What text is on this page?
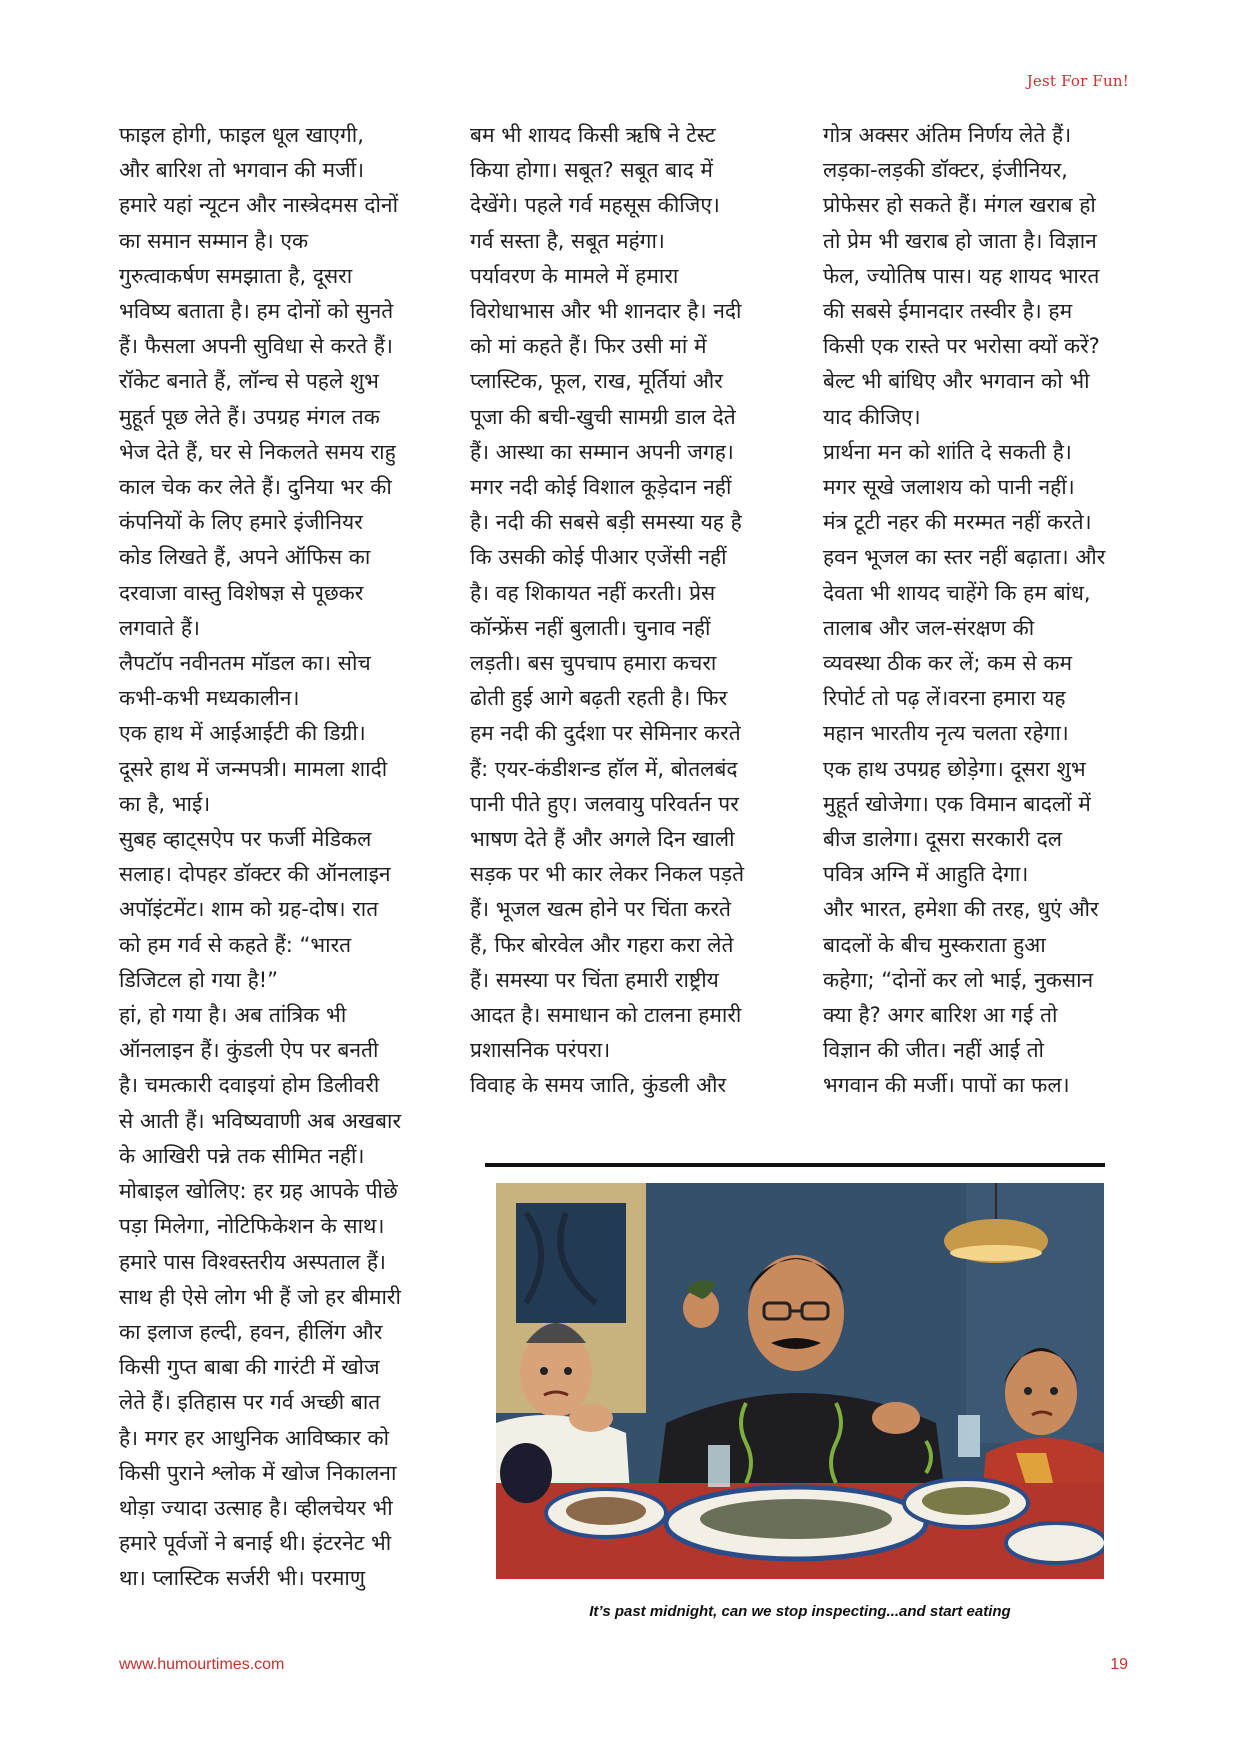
Jest For Fun!

फाइल होगी, फाइल धूल खाएगी,

और बारिश तो भगवान की मर्जी।

हमारे यहां न्यूटन और नास्त्रेदमस दोनों

का समान सम्मान है। एक

गुरुत्वाकर्षण समझाता है, दूसरा

भविष्य बताता है। हम दोनों को सुनते

हैं। फैसला अपनी सुविधा से करते हैं।

रॉकेट बनाते हैं, लॉन्च से पहले शुभ

मुहूर्त पूछ लेते हैं। उपग्रह मंगल तक

भेज देते हैं, घर से निकलते समय राहु

काल चेक कर लेते हैं। दुनिया भर की

कंपनियों के लिए हमारे इंजीनियर

कोड लिखते हैं, अपने ऑफिस का

दरवाजा वास्तु विशेषज्ञ से पूछकर

लगवाते हैं।

लैपटॉप नवीनतम मॉडल का। सोच

कभी-कभी मध्यकालीन।

एक हाथ में आईआईटी की डिग्री।

दूसरे हाथ में जन्मपत्री। मामला शादी

का है, भाई।

सुबह व्हाट्सऐप पर फर्जी मेडिकल

सलाह। दोपहर डॉक्टर की ऑनलाइन

अपॉइंटमेंट। शाम को ग्रह-दोष। रात

को हम गर्व से कहते हैं: “भारत

डिजिटल हो गया है!”

हां, हो गया है। अब तांत्रिक भी

ऑनलाइन हैं। कुंडली ऐप पर बनती

है। चमत्कारी दवाइयां होम डिलीवरी

से आती हैं। भविष्यवाणी अब अखबार

के आखिरी पन्ने तक सीमित नहीं।

मोबाइल खोलिए: हर ग्रह आपके पीछे

पड़ा मिलेगा, नोटिफिकेशन के साथ।

हमारे पास विश्वस्तरीय अस्पताल हैं।

साथ ही ऐसे लोग भी हैं जो हर बीमारी

का इलाज हल्दी, हवन, हीलिंग और

किसी गुप्त बाबा की गारंटी में खोज

लेते हैं। इतिहास पर गर्व अच्छी बात

है। मगर हर आधुनिक आविष्कार को

किसी पुराने श्लोक में खोज निकालना

थोड़ा ज्यादा उत्साह है। व्हीलचेयर भी

हमारे पूर्वजों ने बनाई थी। इंटरनेट भी

था। प्लास्टिक सर्जरी भी। परमाणु

बम भी शायद किसी ऋषि ने टेस्ट

किया होगा। सबूत? सबूत बाद में

देखेंगे। पहले गर्व महसूस कीजिए।

गर्व सस्ता है, सबूत महंगा।

पर्यावरण के मामले में हमारा

विरोधाभास और भी शानदार है। नदी

को मां कहते हैं। फिर उसी मां में

प्लास्टिक, फूल, राख, मूर्तियां और

पूजा की बची-खुची सामग्री डाल देते

हैं। आस्था का सम्मान अपनी जगह।

मगर नदी कोई विशाल कूड़ेदान नहीं

है। नदी की सबसे बड़ी समस्या यह है

कि उसकी कोई पीआर एजेंसी नहीं

है। वह शिकायत नहीं करती। प्रेस

कॉन्फ्रेंस नहीं बुलाती। चुनाव नहीं

लड़ती। बस चुपचाप हमारा कचरा

ढोती हुई आगे बढ़ती रहती है। फिर

हम नदी की दुर्दशा पर सेमिनार करते

हैं: एयर-कंडीशन्ड हॉल में, बोतलबंद

पानी पीते हुए। जलवायु परिवर्तन पर

भाषण देते हैं और अगले दिन खाली

सड़क पर भी कार लेकर निकल पड़ते

हैं। भूजल खत्म होने पर चिंता करते

हैं, फिर बोरवेल और गहरा करा लेते

हैं। समस्या पर चिंता हमारी राष्ट्रीय

आदत है। समाधान को टालना हमारी

प्रशासनिक परंपरा।

विवाह के समय जाति, कुंडली और

गोत्र अक्सर अंतिम निर्णय लेते हैं।

लड़का-लड़की डॉक्टर, इंजीनियर,

प्रोफेसर हो सकते हैं। मंगल खराब हो

तो प्रेम भी खराब हो जाता है। विज्ञान

फेल, ज्योतिष पास। यह शायद भारत

की सबसे ईमानदार तस्वीर है। हम

किसी एक रास्ते पर भरोसा क्यों करें?

बेल्ट भी बांधिए और भगवान को भी

याद कीजिए।

प्रार्थना मन को शांति दे सकती है।

मगर सूखे जलाशय को पानी नहीं।

मंत्र टूटी नहर की मरम्मत नहीं करते।

हवन भूजल का स्तर नहीं बढ़ाता। और

देवता भी शायद चाहेंगे कि हम बांध,

तालाब और जल-संरक्षण की

व्यवस्था ठीक कर लें; कम से कम

रिपोर्ट तो पढ़ लें।वरना हमारा यह

महान भारतीय नृत्य चलता रहेगा।

एक हाथ उपग्रह छोड़ेगा। दूसरा शुभ

मुहूर्त खोजेगा। एक विमान बादलों में

बीज डालेगा। दूसरा सरकारी दल

पवित्र अग्नि में आहुति देगा।

और भारत, हमेशा की तरह, धुएं और

बादलों के बीच मुस्कराता हुआ

कहेगा; “दोनों कर लो भाई, नुकसान

क्या है? अगर बारिश आ गई तो

विज्ञान की जीत। नहीं आई तो

भगवान की मर्जी। पापों का फल।

It’s past midnight, can we stop inspecting...and start eating
www.humourtimes.com	19
